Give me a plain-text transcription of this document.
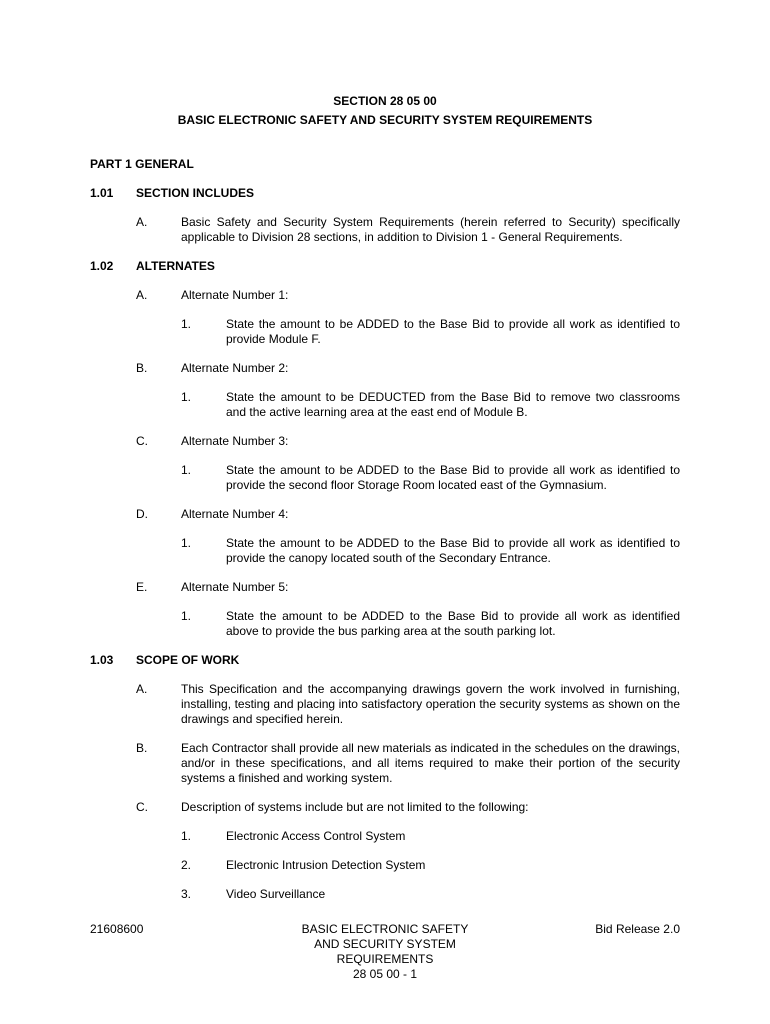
SECTION 28 05 00
BASIC ELECTRONIC SAFETY AND SECURITY SYSTEM REQUIREMENTS
PART 1 GENERAL
1.01 SECTION INCLUDES
A.	Basic Safety and Security System Requirements (herein referred to Security) specifically applicable to Division 28 sections, in addition to Division 1 - General Requirements.
1.02 ALTERNATES
A.	Alternate Number 1:
1.	State the amount to be ADDED to the Base Bid to provide all work as identified to provide Module F.
B.	Alternate Number 2:
1.	State the amount to be DEDUCTED from the Base Bid to remove two classrooms and the active learning area at the east end of Module B.
C.	Alternate Number 3:
1.	State the amount to be ADDED to the Base Bid to provide all work as identified to provide the second floor Storage Room located east of the Gymnasium.
D.	Alternate Number 4:
1.	State the amount to be ADDED to the Base Bid to provide all work as identified to provide the canopy located south of the Secondary Entrance.
E.	Alternate Number 5:
1.	State the amount to be ADDED to the Base Bid to provide all work as identified above to provide the bus parking area at the south parking lot.
1.03 SCOPE OF WORK
A.	This Specification and the accompanying drawings govern the work involved in furnishing, installing, testing and placing into satisfactory operation the security systems as shown on the drawings and specified herein.
B.	Each Contractor shall provide all new materials as indicated in the schedules on the drawings, and/or in these specifications, and all items required to make their portion of the security systems a finished and working system.
C.	Description of systems include but are not limited to the following:
1.	Electronic Access Control System
2.	Electronic Intrusion Detection System
3.	Video Surveillance
21608600	BASIC ELECTRONIC SAFETY
AND SECURITY SYSTEM
REQUIREMENTS
28 05 00 - 1
Bid Release 2.0
